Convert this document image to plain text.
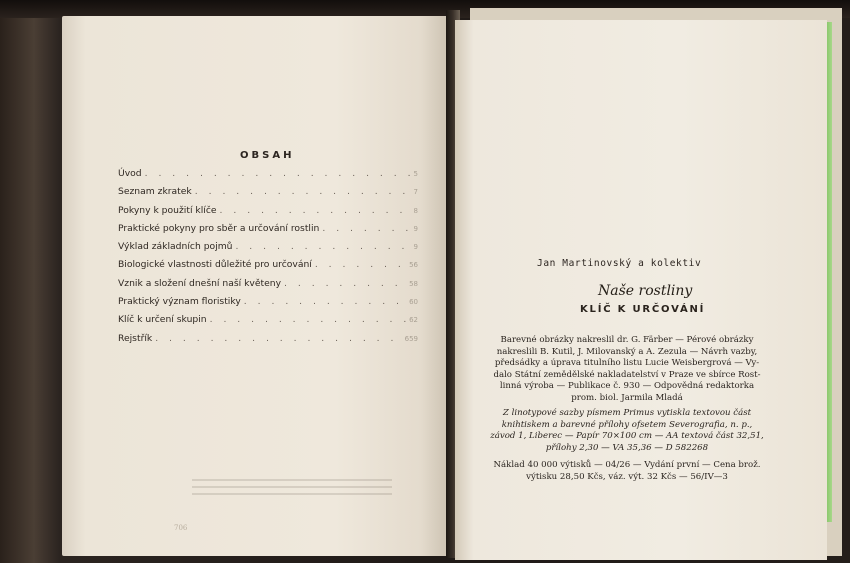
OBSAH
Úvod . . .	5
Seznam zkratek . . .	7
Pokyny k použití klíče . . .	8
Praktické pokyny pro sběr a určování rostlin . . .	9
Výklad základních pojmů . . .	9
Biologické vlastnosti důležité pro určování . . .	56
Vznik a složení dnešní naší květeny . . .	58
Praktický význam floristiky . . .	60
Klíč k určení skupin . . .	62
Rejstřík . . .	659
706
Jan Martinovský a kolektiv
Naše rostliny
KLÍČ K URČOVÁNÍ
Barevné obrázky nakreslil dr. G. Färber — Pérové obrázky
nakreslili B. Kutil, J. Milovanský a A. Zezula — Návrh vazby,
předsádky a úprava titulního listu Lucie Weisbergrová — Vy-
dalo Státní zemědělské nakladatelství v Praze ve sbírce Rost-
linná výroba — Publikace č. 930 — Odpovědná redaktorka
prom. biol. Jarmila Mladá
Z linotypové sazby písmem Primus vytiskla textovou část
knihtiskem a barevné přílohy ofsetem Severografia, n. p.,
závod 1, Liberec — Papír 70×100 cm — AA textová část 32,51,
přílohy 2,30 — VA 35,36 — D 582268
Náklad 40 000 výtisků — 04/26 — Vydání první — Cena brož.
výtisku 28,50 Kčs, váz. výt. 32 Kčs — 56/IV—3
